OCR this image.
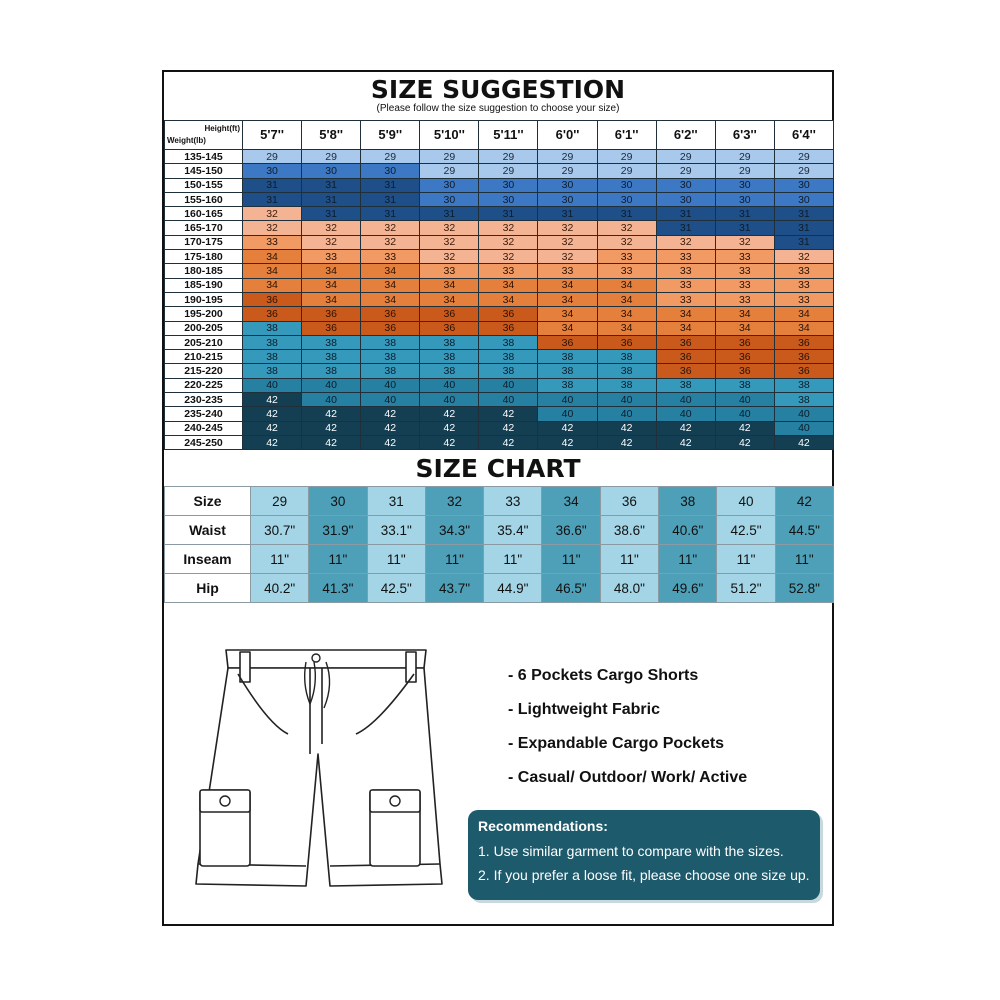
SIZE SUGGESTION
(Please follow the size suggestion to choose your size)
Height(ft)
Weight(lb)	5'7''	5'8''	5'9''	5'10''	5'11''	6'0''	6'1''	6'2''	6'3''	6'4''
135-145	29	29	29	29	29	29	29	29	29	29
145-150	30	30	30	29	29	29	29	29	29	29
150-155	31	31	31	30	30	30	30	30	30	30
155-160	31	31	31	30	30	30	30	30	30	30
160-165	32	31	31	31	31	31	31	31	31	31
165-170	32	32	32	32	32	32	32	31	31	31
170-175	33	32	32	32	32	32	32	32	32	31
175-180	34	33	33	32	32	32	33	33	33	32
180-185	34	34	34	33	33	33	33	33	33	33
185-190	34	34	34	34	34	34	34	33	33	33
190-195	36	34	34	34	34	34	34	33	33	33
195-200	36	36	36	36	36	34	34	34	34	34
200-205	38	36	36	36	36	34	34	34	34	34
205-210	38	38	38	38	38	36	36	36	36	36
210-215	38	38	38	38	38	38	38	36	36	36
215-220	38	38	38	38	38	38	38	36	36	36
220-225	40	40	40	40	40	38	38	38	38	38
230-235	42	40	40	40	40	40	40	40	40	38
235-240	42	42	42	42	42	40	40	40	40	40
240-245	42	42	42	42	42	42	42	42	42	40
245-250	42	42	42	42	42	42	42	42	42	42
SIZE CHART
Size	29	30	31	32	33	34	36	38	40	42
Waist	30.7"	31.9"	33.1"	34.3"	35.4"	36.6"	38.6"	40.6"	42.5"	44.5"
Inseam	11"	11"	11"	11"	11"	11"	11"	11"	11"	11"
Hip	40.2"	41.3"	42.5"	43.7"	44.9"	46.5"	48.0"	49.6"	51.2"	52.8"
- 6 Pockets Cargo Shorts
- Lightweight Fabric
- Expandable Cargo Pockets
- Casual/ Outdoor/ Work/ Active
Recommendations:
1. Use similar garment to compare with the sizes.
2. If you prefer a loose fit, please choose one size up.
